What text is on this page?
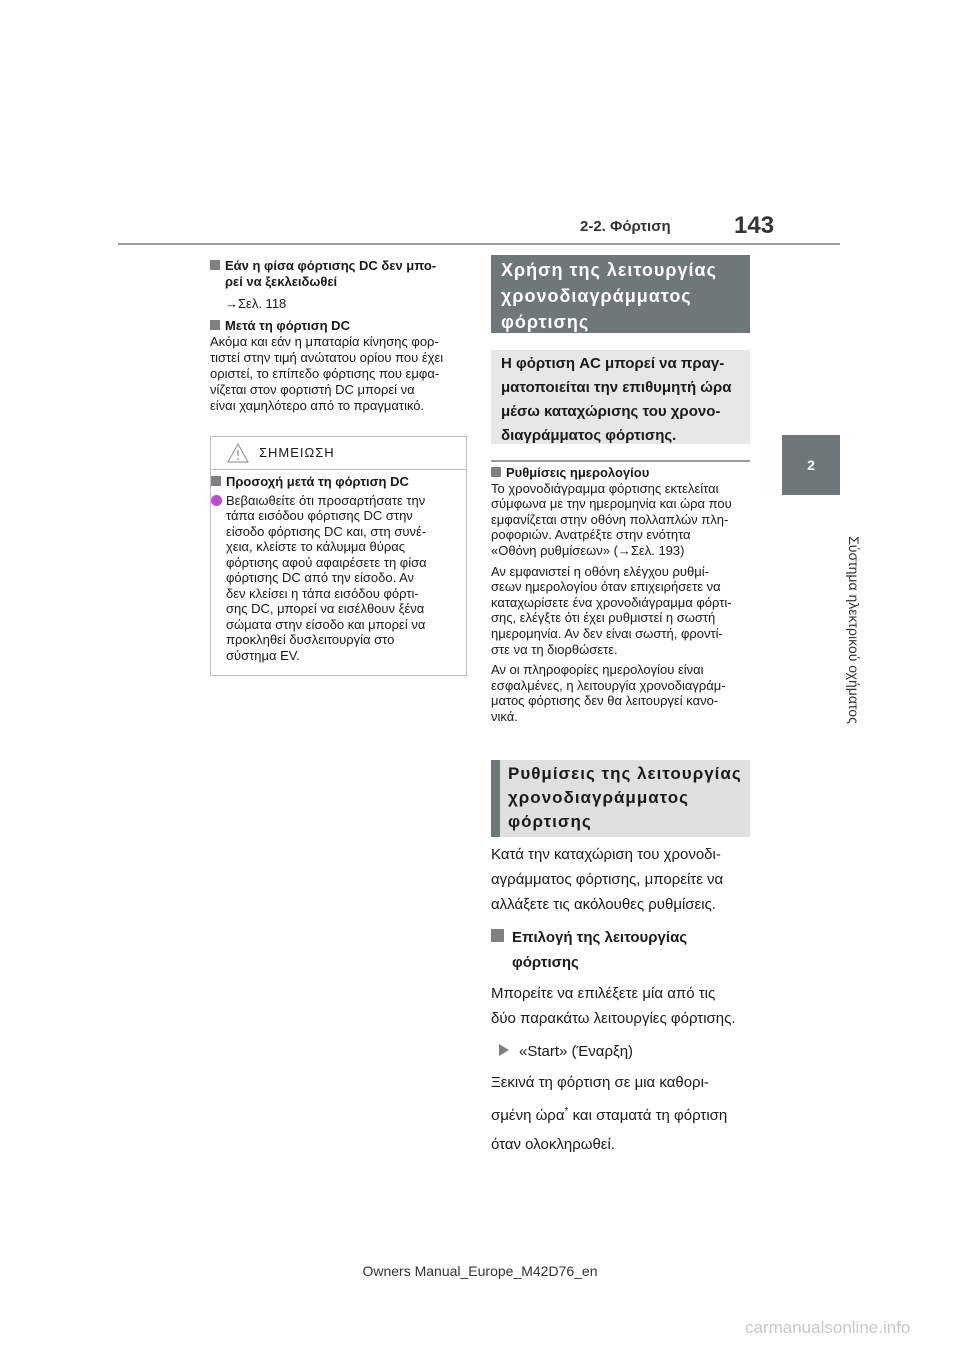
2-2. Φόρτιση	143
2
Σύστημα ηλεκτρικού οχήματος

Εάν η φίσα φόρτισης DC δεν μπο-

ρεί να ξεκλειδωθεί

→Σελ. 118

Μετά τη φόρτιση DC

Ακόμα και εάν η μπαταρία κίνησης φορ-

τιστεί στην τιμή ανώτατου ορίου που έχει

οριστεί, το επίπεδο φόρτισης που εμφα-

νίζεται στον φορτιστή DC μπορεί να

είναι χαμηλότερο από το πραγματικό.

ΣΗΜΕΙΩΣΗ

Προσοχή μετά τη φόρτιση DC

Βεβαιωθείτε ότι προσαρτήσατε την

τάπα εισόδου φόρτισης DC στην

είσοδο φόρτισης DC και, στη συνέ-

χεια, κλείστε το κάλυμμα θύρας

φόρτισης αφού αφαιρέσετε τη φίσα

φόρτισης DC από την είσοδο. Αν

δεν κλείσει η τάπα εισόδου φόρτι-

σης DC, μπορεί να εισέλθουν ξένα

σώματα στην είσοδο και μπορεί να

προκληθεί δυσλειτουργία στο

σύστημα EV.

Χρήση της λειτουργίας

χρονοδιαγράμματος

φόρτισης

Η φόρτιση AC μπορεί να πραγ-

ματοποιείται την επιθυμητή ώρα

μέσω καταχώρισης του χρονο-

διαγράμματος φόρτισης.

Ρυθμίσεις ημερολογίου

Το χρονοδιάγραμμα φόρτισης εκτελείται

σύμφωνα με την ημερομηνία και ώρα που

εμφανίζεται στην οθόνη πολλαπλών πλη-

ροφοριών. Ανατρέξτε στην ενότητα

«Οθόνη ρυθμίσεων» (→Σελ. 193)

Αν εμφανιστεί η οθόνη ελέγχου ρυθμί-

σεων ημερολογίου όταν επιχειρήσετε να

καταχωρίσετε ένα χρονοδιάγραμμα φόρτι-

σης, ελέγξτε ότι έχει ρυθμιστεί η σωστή

ημερομηνία. Αν δεν είναι σωστή, φροντί-

στε να τη διορθώσετε.

Αν οι πληροφορίες ημερολογίου είναι

εσφαλμένες, η λειτουργία χρονοδιαγράμ-

ματος φόρτισης δεν θα λειτουργεί κανο-

νικά.

Ρυθμίσεις της λειτουργίας

χρονοδιαγράμματος

φόρτισης

Κατά την καταχώριση του χρονοδι-

αγράμματος φόρτισης, μπορείτε να

αλλάξετε τις ακόλουθες ρυθμίσεις.

Επιλογή της λειτουργίας

φόρτισης

Μπορείτε να επιλέξετε μία από τις

δύο παρακάτω λειτουργίες φόρτισης.

«Start» (Έναρξη)

Ξεκινά τη φόρτιση σε μια καθορι-

σμένη ώρα* και σταματά τη φόρτιση

όταν ολοκληρωθεί.

Owners Manual_Europe_M42D76_en
carmanualsonline.info
